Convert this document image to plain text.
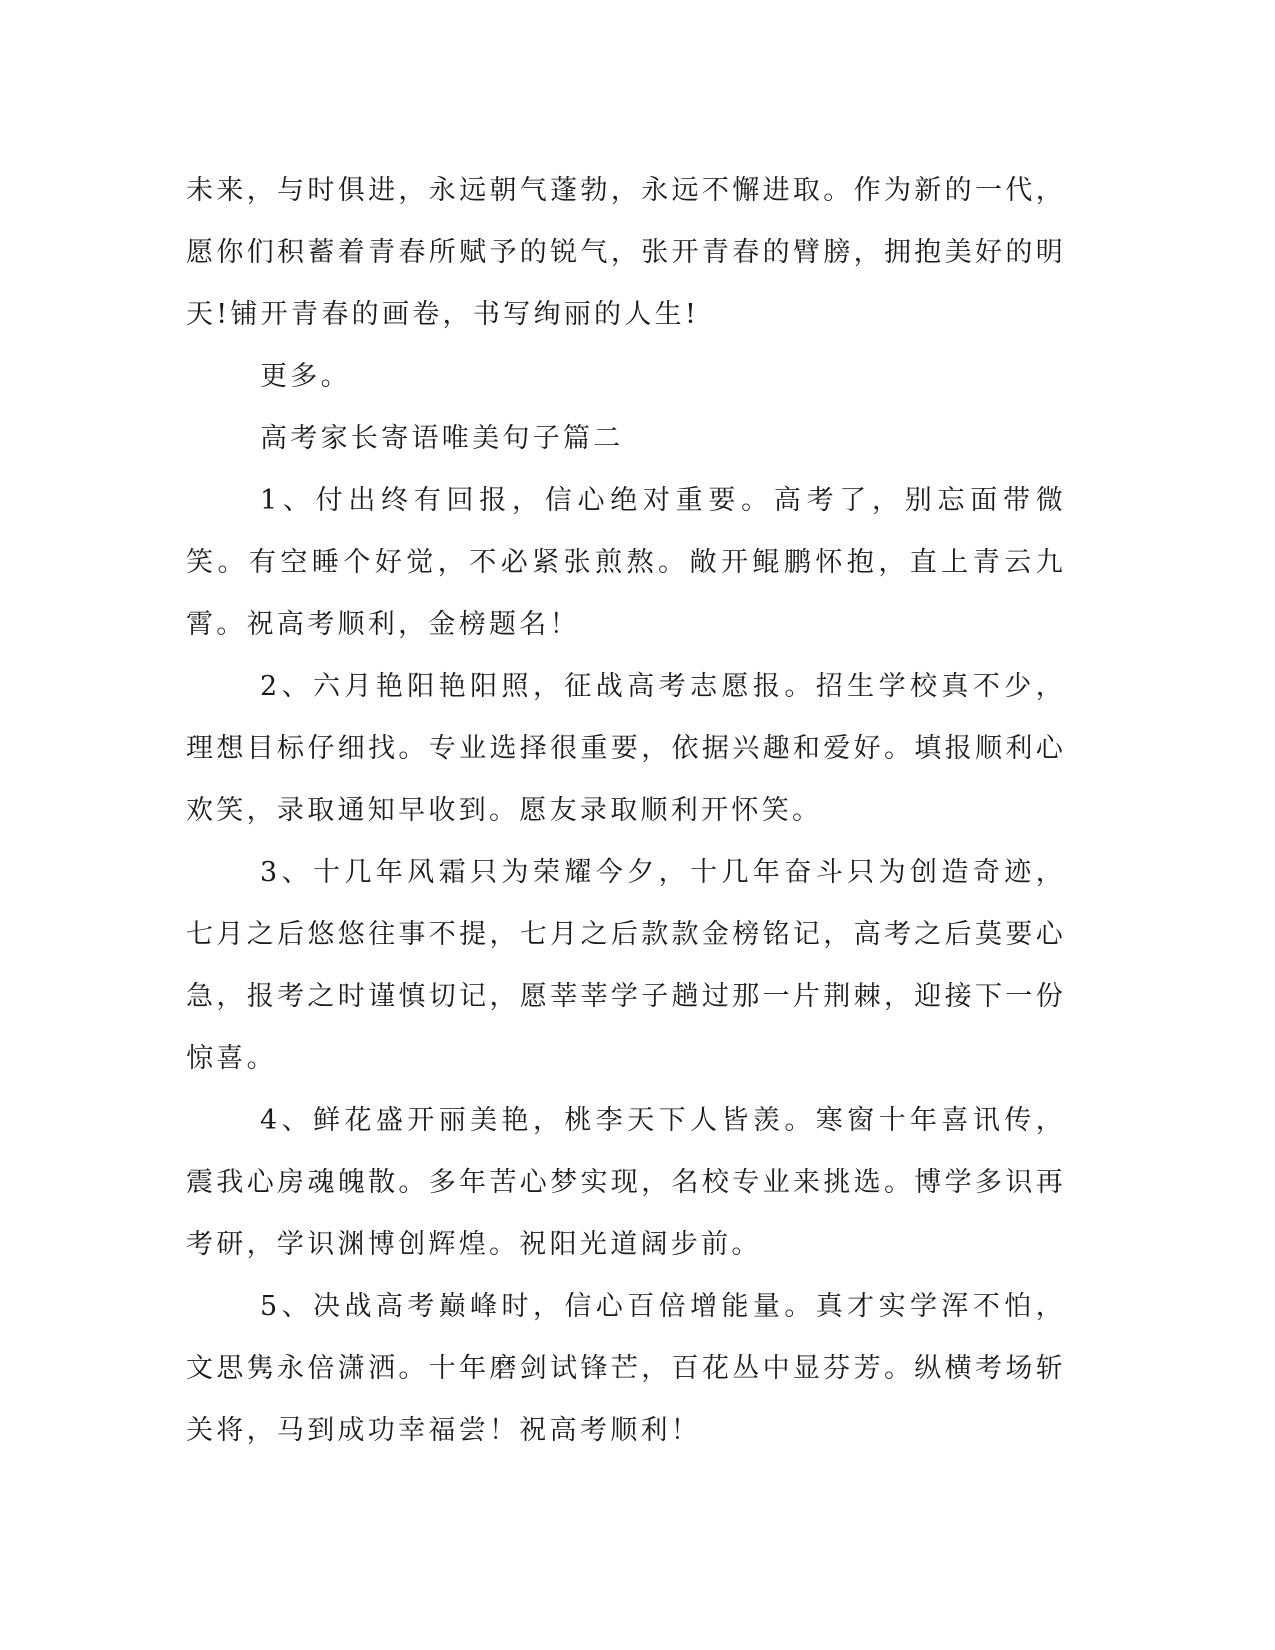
未来，与时俱进，永远朝气蓬勃，永远不懈进取。作为新的一代，愿你们积蓄着青春所赋予的锐气，张开青春的臂膀，拥抱美好的明天!铺开青春的画卷，书写绚丽的人生!

更多。

高考家长寄语唯美句子篇二

1、付出终有回报，信心绝对重要。高考了，别忘面带微笑。有空睡个好觉，不必紧张煎熬。敞开鲲鹏怀抱，直上青云九霄。祝高考顺利，金榜题名！

2、六月艳阳艳阳照，征战高考志愿报。招生学校真不少，理想目标仔细找。专业选择很重要，依据兴趣和爱好。填报顺利心欢笑，录取通知早收到。愿友录取顺利开怀笑。

3、十几年风霜只为荣耀今夕，十几年奋斗只为创造奇迹，七月之后悠悠往事不提，七月之后款款金榜铭记，高考之后莫要心急，报考之时谨慎切记，愿莘莘学子趟过那一片荆棘，迎接下一份惊喜。

4、鲜花盛开丽美艳，桃李天下人皆羡。寒窗十年喜讯传，震我心房魂魄散。多年苦心梦实现，名校专业来挑选。博学多识再考研，学识渊博创辉煌。祝阳光道阔步前。

5、决战高考巅峰时，信心百倍增能量。真才实学浑不怕，文思隽永倍潇洒。十年磨剑试锋芒，百花丛中显芬芳。纵横考场斩关将，马到成功幸福尝！祝高考顺利！
